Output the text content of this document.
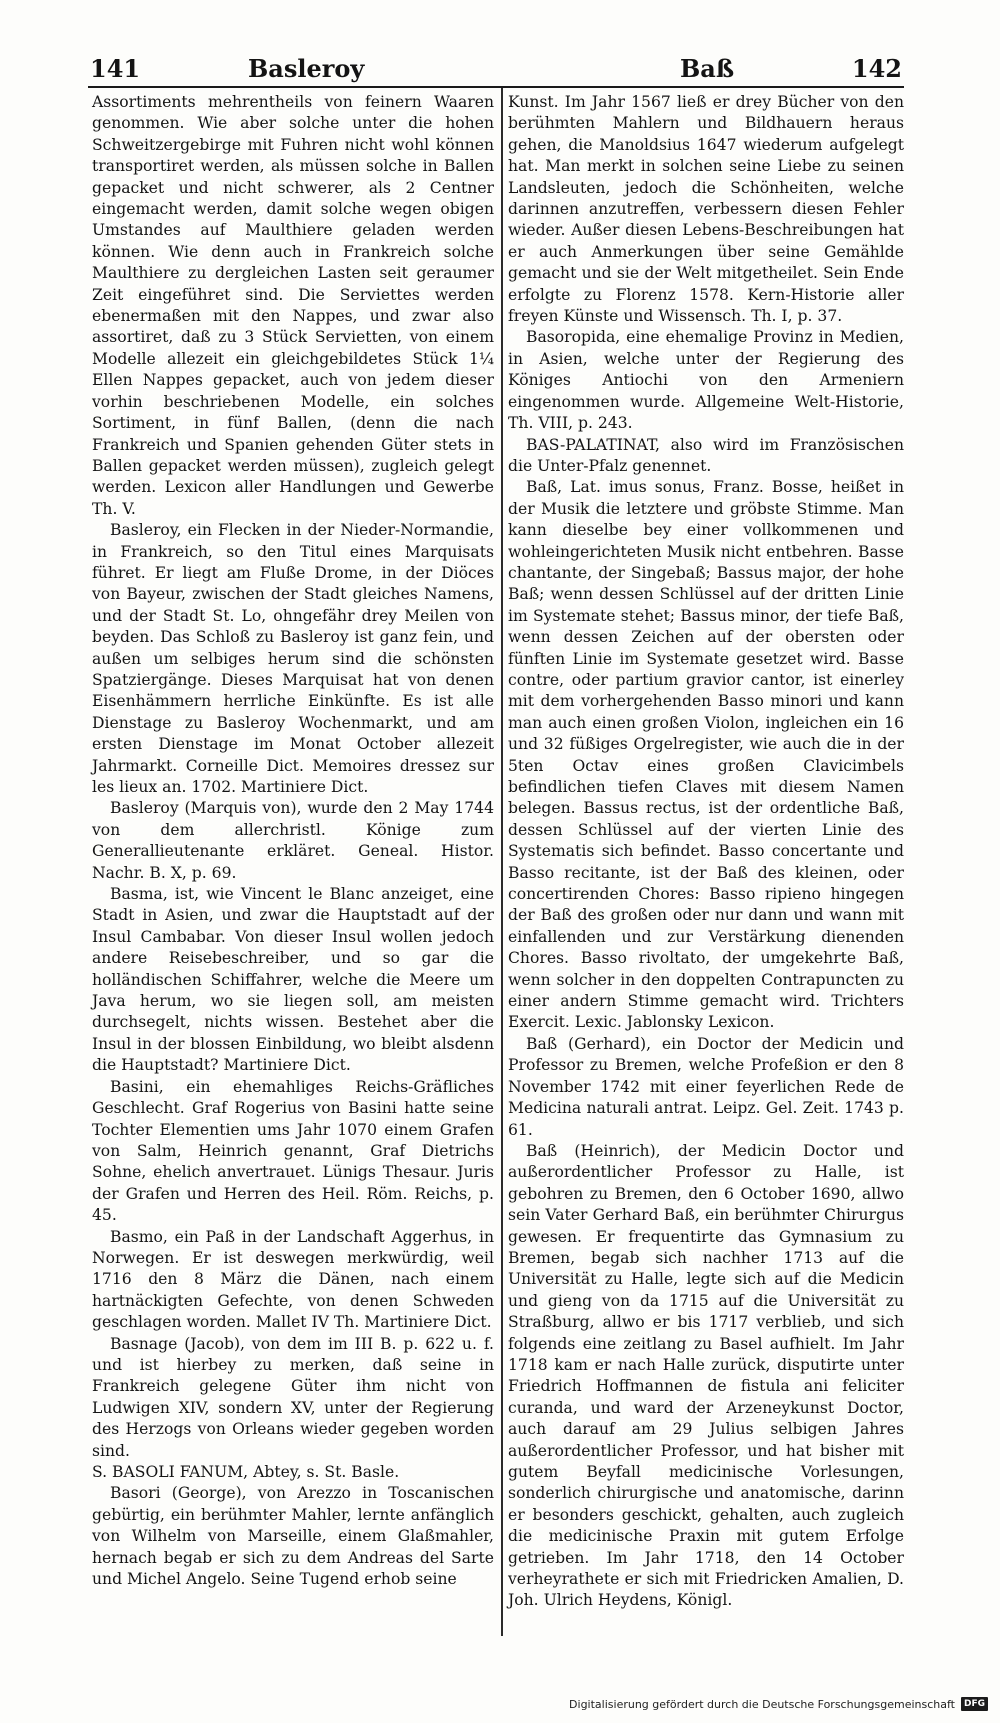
141	Basleroy	Baß	142

Assortiments mehrentheils von feinern Waaren genommen. Wie aber solche unter die hohen Schweitzergebirge mit Fuhren nicht wohl können transportiret werden, als müssen solche in Ballen gepacket und nicht schwerer, als 2 Centner eingemacht werden, damit solche wegen obigen Umstandes auf Maulthiere geladen werden können. Wie denn auch in Frankreich solche Maulthiere zu dergleichen Lasten seit geraumer Zeit eingeführet sind. Die Serviettes werden ebenermaßen mit den Nappes, und zwar also assortiret, daß zu 3 Stück Servietten, von einem Modelle allezeit ein gleichgebildetes Stück 1¼ Ellen Nappes gepacket, auch von jedem dieser vorhin beschriebenen Modelle, ein solches Sortiment, in fünf Ballen, (denn die nach Frankreich und Spanien gehenden Güter stets in Ballen gepacket werden müssen), zugleich gelegt werden. Lexicon aller Handlungen und Gewerbe Th. V.

Basleroy, ein Flecken in der Nieder-Normandie, in Frankreich, so den Titul eines Marquisats führet. Er liegt am Fluße Drome, in der Diöces von Bayeur, zwischen der Stadt gleiches Namens, und der Stadt St. Lo, ohngefähr drey Meilen von beyden. Das Schloß zu Basleroy ist ganz fein, und außen um selbiges herum sind die schönsten Spatziergänge. Dieses Marquisat hat von denen Eisenhämmern herrliche Einkünfte. Es ist alle Dienstage zu Basleroy Wochenmarkt, und am ersten Dienstage im Monat October allezeit Jahrmarkt. Corneille Dict. Memoires dressez sur les lieux an. 1702. Martiniere Dict.

Basleroy (Marquis von), wurde den 2 May 1744 von dem allerchristl. Könige zum Generallieutenante erkläret. Geneal. Histor. Nachr. B. X, p. 69.

Basma, ist, wie Vincent le Blanc anzeiget, eine Stadt in Asien, und zwar die Hauptstadt auf der Insul Cambabar. Von dieser Insul wollen jedoch andere Reisebeschreiber, und so gar die holländischen Schiffahrer, welche die Meere um Java herum, wo sie liegen soll, am meisten durchsegelt, nichts wissen. Bestehet aber die Insul in der blossen Einbildung, wo bleibt alsdenn die Hauptstadt? Martiniere Dict.

Basini, ein ehemahliges Reichs-Gräfliches Geschlecht. Graf Rogerius von Basini hatte seine Tochter Elementien ums Jahr 1070 einem Grafen von Salm, Heinrich genannt, Graf Dietrichs Sohne, ehelich anvertrauet. Lünigs Thesaur. Juris der Grafen und Herren des Heil. Röm. Reichs, p. 45.

Basmo, ein Paß in der Landschaft Aggerhus, in Norwegen. Er ist deswegen merkwürdig, weil 1716 den 8 März die Dänen, nach einem hartnäckigten Gefechte, von denen Schweden geschlagen worden. Mallet IV Th. Martiniere Dict.

Basnage (Jacob), von dem im III B. p. 622 u. f. und ist hierbey zu merken, daß seine in Frankreich gelegene Güter ihm nicht von Ludwigen XIV, sondern XV, unter der Regierung des Herzogs von Orleans wieder gegeben worden sind.

S. BASOLI FANUM, Abtey, s. St. Basle.

Basori (George), von Arezzo in Toscanischen gebürtig, ein berühmter Mahler, lernte anfänglich von Wilhelm von Marseille, einem Glaßmahler, hernach begab er sich zu dem Andreas del Sarte und Michel Angelo. Seine Tugend erhob seine

Kunst. Im Jahr 1567 ließ er drey Bücher von den berühmten Mahlern und Bildhauern heraus gehen, die Manoldsius 1647 wiederum aufgelegt hat. Man merkt in solchen seine Liebe zu seinen Landsleuten, jedoch die Schönheiten, welche darinnen anzutreffen, verbessern diesen Fehler wieder. Außer diesen Lebens-Beschreibungen hat er auch Anmerkungen über seine Gemählde gemacht und sie der Welt mitgetheilet. Sein Ende erfolgte zu Florenz 1578. Kern-Historie aller freyen Künste und Wissensch. Th. I, p. 37.

Basoropida, eine ehemalige Provinz in Medien, in Asien, welche unter der Regierung des Königes Antiochi von den Armeniern eingenommen wurde. Allgemeine Welt-Historie, Th. VIII, p. 243.

BAS-PALATINAT, also wird im Französischen die Unter-Pfalz genennet.

Baß, Lat. imus sonus, Franz. Bosse, heißet in der Musik die letztere und gröbste Stimme. Man kann dieselbe bey einer vollkommenen und wohleingerichteten Musik nicht entbehren. Basse chantante, der Singebaß; Bassus major, der hohe Baß; wenn dessen Schlüssel auf der dritten Linie im Systemate stehet; Bassus minor, der tiefe Baß, wenn dessen Zeichen auf der obersten oder fünften Linie im Systemate gesetzet wird. Basse contre, oder partium gravior cantor, ist einerley mit dem vorhergehenden Basso minori und kann man auch einen großen Violon, ingleichen ein 16 und 32 füßiges Orgelregister, wie auch die in der 5ten Octav eines großen Clavicimbels befindlichen tiefen Claves mit diesem Namen belegen. Bassus rectus, ist der ordentliche Baß, dessen Schlüssel auf der vierten Linie des Systematis sich befindet. Basso concertante und Basso recitante, ist der Baß des kleinen, oder concertirenden Chores: Basso ripieno hingegen der Baß des großen oder nur dann und wann mit einfallenden und zur Verstärkung dienenden Chores. Basso rivoltato, der umgekehrte Baß, wenn solcher in den doppelten Contrapuncten zu einer andern Stimme gemacht wird. Trichters Exercit. Lexic. Jablonsky Lexicon.

Baß (Gerhard), ein Doctor der Medicin und Professor zu Bremen, welche Profeßion er den 8 November 1742 mit einer feyerlichen Rede de Medicina naturali antrat. Leipz. Gel. Zeit. 1743 p. 61.

Baß (Heinrich), der Medicin Doctor und außerordentlicher Professor zu Halle, ist gebohren zu Bremen, den 6 October 1690, allwo sein Vater Gerhard Baß, ein berühmter Chirurgus gewesen. Er frequentirte das Gymnasium zu Bremen, begab sich nachher 1713 auf die Universität zu Halle, legte sich auf die Medicin und gieng von da 1715 auf die Universität zu Straßburg, allwo er bis 1717 verblieb, und sich folgends eine zeitlang zu Basel aufhielt. Im Jahr 1718 kam er nach Halle zurück, disputirte unter Friedrich Hoffmannen de fistula ani feliciter curanda, und ward der Arzeneykunst Doctor, auch darauf am 29 Julius selbigen Jahres außerordentlicher Professor, und hat bisher mit gutem Beyfall medicinische Vorlesungen, sonderlich chirurgische und anatomische, darinn er besonders geschickt, gehalten, auch zugleich die medicinische Praxin mit gutem Erfolge getrieben. Im Jahr 1718, den 14 October verheyrathete er sich mit Friedricken Amalien, D. Joh. Ulrich Heydens, Königl.

Digitalisierung gefördert durch die Deutsche Forschungsgemeinschaft	DFG
